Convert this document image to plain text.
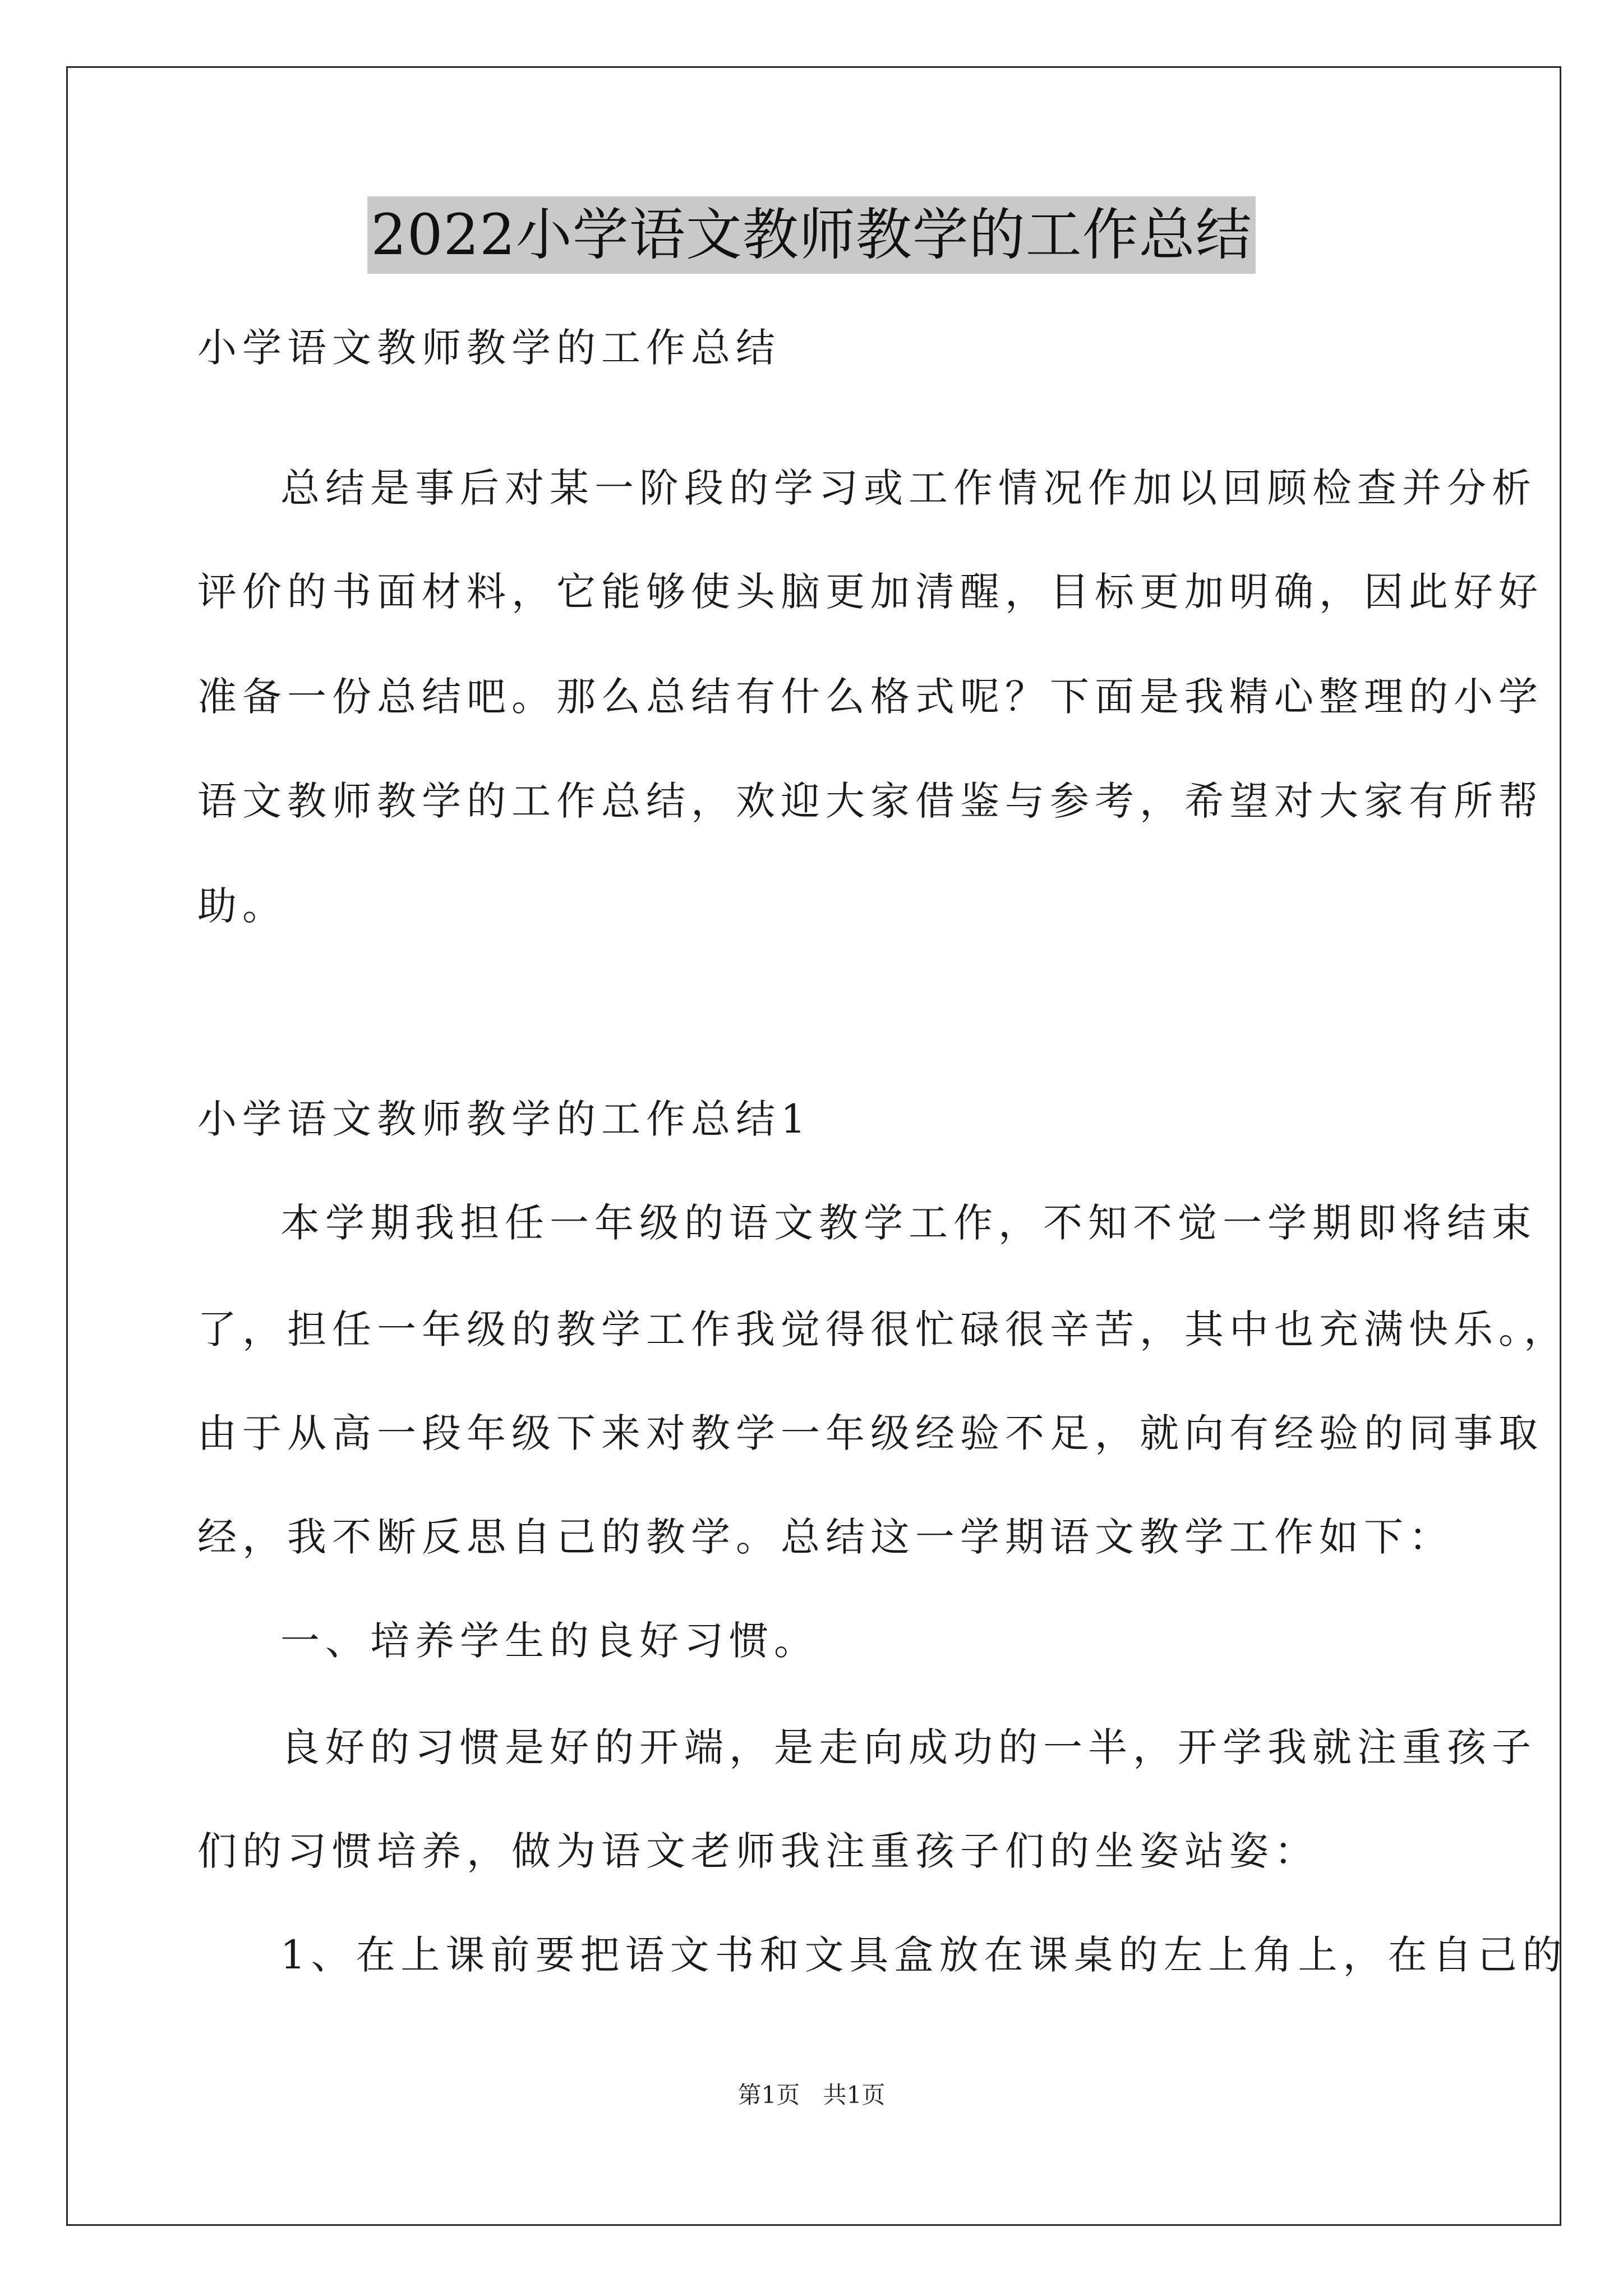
2022小学语文教师教学的工作总结
小学语文教师教学的工作总结
总结是事后对某一阶段的学习或工作情况作加以回顾检查并分析
评价的书面材料，它能够使头脑更加清醒，目标更加明确，因此好好
准备一份总结吧。那么总结有什么格式呢？下面是我精心整理的小学
语文教师教学的工作总结，欢迎大家借鉴与参考，希望对大家有所帮
助。
小学语文教师教学的工作总结1
本学期我担任一年级的语文教学工作，不知不觉一学期即将结束
了，担任一年级的教学工作我觉得很忙碌很辛苦，其中也充满快乐。，
由于从高一段年级下来对教学一年级经验不足，就向有经验的同事取
经，我不断反思自己的教学。总结这一学期语文教学工作如下：
一、培养学生的良好习惯。
良好的习惯是好的开端，是走向成功的一半，开学我就注重孩子
们的习惯培养，做为语文老师我注重孩子们的坐姿站姿：
1、在上课前要把语文书和文具盒放在课桌的左上角上，在自己的
第1页 共1页
